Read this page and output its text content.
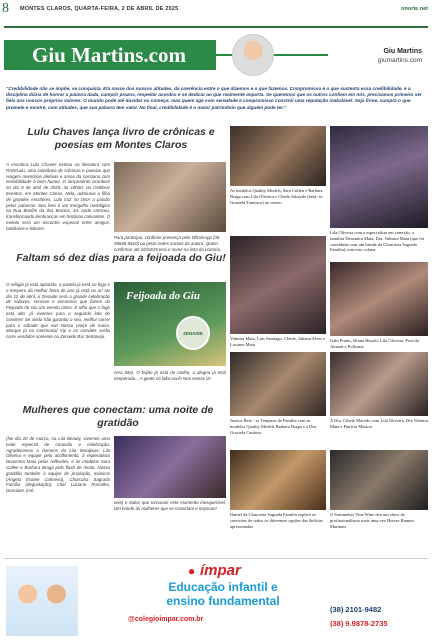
8 MONTES CLAROS, QUARTA-FEIRA, 2 DE ABRIL DE 2025	onorte.net
Giu Martins.com	Giu Martins
giumartins.com
“Credibilidade não se impõe, se conquista. Ela nasce dos nossos atitudes, da coerência entre o que dizemos e o que fazemos. Compromisso é o que sustenta essa credibilidade, é a disciplina diária de honrar a palavra dada, cumprir prazos, respeitar acordos e se dedicar ao que realmente importa. Se queremos que os outros confiem em nós, precisamos primeiro ser fiéis aos nossos próprios valores. O mundo pode até duvidar no começo, mas quem age com seriedade e compromisso constrói uma reputação inabalável. Seja firme, cumpra o que promete e mostre, com atitudes, que sua palavra tem valor. No final, credibilidade é o maior patrimônio que alguém pode ter.”
Lulu Chaves lança livro de crônicas e poesias em Montes Claros
A escritora Lulu Chaves estreia na literatura com RARILulu, uma coletânea de crônicas e poesias que reagem memórias afetivas e amas da cossiana com sensibilidade e bom humor. O lançamento acontece no dia 9 de abril de 2025, às 19h30, no Celebrar Eventos, em Montes Claros. Nela, admirava a filha de grandes escritores, Lulu traz no DNA a paixão pelas palavras. Seu livro é um mergulho nostálgico na Rua Bonfim da Ilsa Branca, 44, onde cresceu, transformando lembranças em histórias cativantes. O evento será um encontro especial entre amigos, familiares e leitores.
Para participar, confirme presença pelo WhatsApp (38 99658-5610) ou pelas redes sociais da autora. Quem confirmar até 02/04/25 terá o nome na lista da portaria.
Faltam só dez dias para a feijoada do Giu!
O relógio já está apitando, a panela já está no fogo e o tempero da melhor festa do ano já está no ar! No dia 12 de abril, a Zenaide será a grande celebração de sabores, sorrisos e encontros que fazem da Feijoada do Giu um evento único. E olha que o fogo está alto: já vivemos para o segundo lote de convites! Se ainda não garantiu o seu, melhor correr para o sábado que vai! Nosso preço de mesa. Marque já no Cerimonial Vip e os convites serão corre vendidos somente na Zenaide Bar Sertaneja.
Feijoada do Giu
ZENAIDE
cera lote). O feijão já está de molho, a alegria já está temperada... A gente só falta você! Nos vemos lá!
Mulheres que conectam: uma noite de gratidão
(No dia 20 de março, na Lilá Beauty, vivemos uma noite especial de conexão e celebração. Agradecemos a homens da Lila Semijoias: Lila Oliveira e equipe pelo acolhimento, à especialista Deusmira Maia pelas reflexões, e às modelos Sara Collen e Barbara Braga pelo flash de moda. Nossa gratidão também à equipe de produção, músicos (Ângela Evaine Colmeiro), Churcaria Sagrada Família (degustação), chef Luciane Romalho, Dormiuss (mó-
veis) e todos que tornaram este momento inesquecível. Um brinde às mulheres que se conectam e inspiram!
As modelos Quality Models, Sara Collen e Barbara Braga com Lila Oliveira e Cibele Athayde (beta- se Graziela Taniosos) ao centro
Lila Oliveira com a especialista em conexão, a familiar Deusmira Maia, Dra. Valmira Maia (que foi convidada com um brinde da Churcaria Sagrada Família) com este coluna
Valmira Maia, Luis Santiago, Cleide, Juliana Alves e Luciane Maia
Gabi Prates, Bruna Bissoli, Lila Oliveira, Priscila Amaral e Pollyana
Jessica Beiz - se Tempero de Família com as modelos Quality Models Barbara Braga e a Dra. Graciela Cardoso
A Dra. Cibele Macedo com Lila Oliveira, Dra Valmira Maia e Patricia Maison
Daniel da Churcaria Sagrada Família explica os conceitos de todos os diferentes opções das delícias apresentadas
O Sommelier Vine Wine deu um show de profissionalismo mais uma vez Horses Ramon Martinez
● ímpar
Educação infantil e
ensino fundamental
@colegioimpar.com.br
(38) 2101-9482
(38) 9.9878-2735
